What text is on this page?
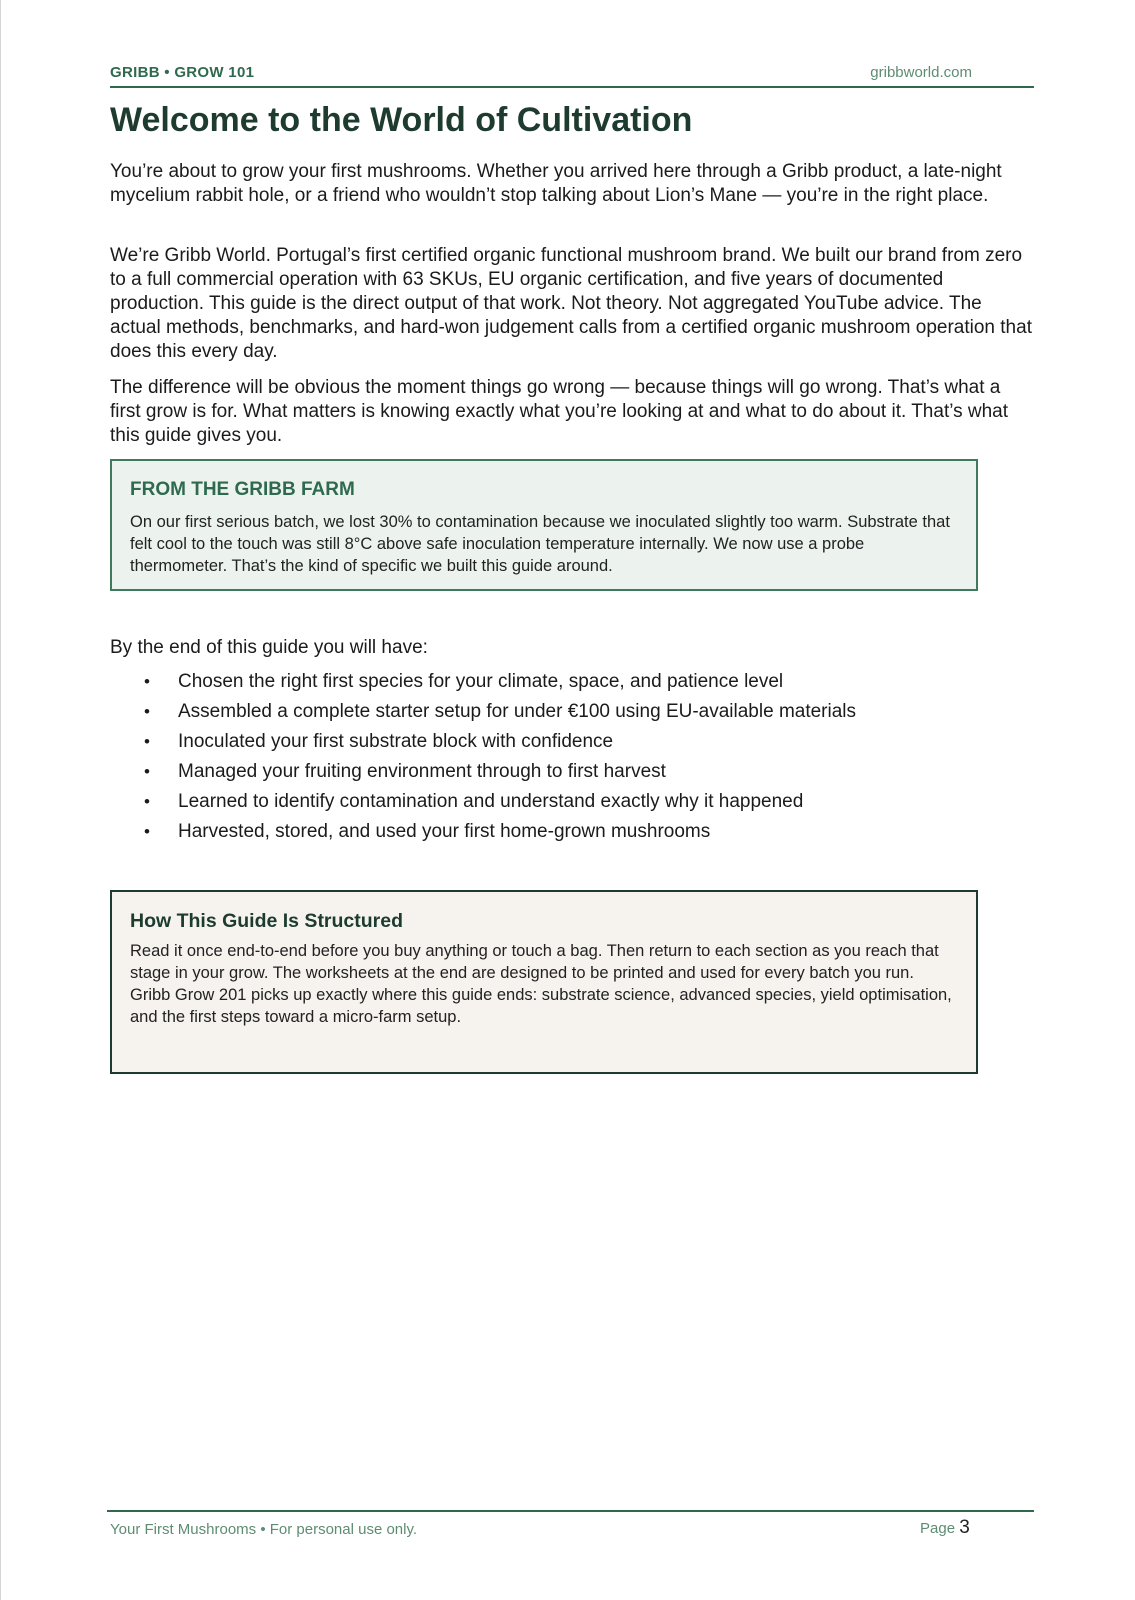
GRIBB • GROW 101	gribbworld.com
Welcome to the World of Cultivation

You’re about to grow your first mushrooms. Whether you arrived here through a Gribb product, a late-night mycelium rabbit hole, or a friend who wouldn’t stop talking about Lion’s Mane — you’re in the right place.

We’re Gribb World. Portugal’s first certified organic functional mushroom brand. We built our brand from zero to a full commercial operation with 63 SKUs, EU organic certification, and five years of documented production. This guide is the direct output of that work. Not theory. Not aggregated YouTube advice. The actual methods, benchmarks, and hard-won judgement calls from a certified organic mushroom operation that does this every day.

The difference will be obvious the moment things go wrong — because things will go wrong. That’s what a first grow is for. What matters is knowing exactly what you’re looking at and what to do about it. That’s what this guide gives you.

FROM THE GRIBB FARM

On our first serious batch, we lost 30% to contamination because we inoculated slightly too warm. Substrate that felt cool to the touch was still 8°C above safe inoculation temperature internally. We now use a probe thermometer. That’s the kind of specific we built this guide around.

By the end of this guide you will have:

• Chosen the right first species for your climate, space, and patience level
• Assembled a complete starter setup for under €100 using EU-available materials
• Inoculated your first substrate block with confidence
• Managed your fruiting environment through to first harvest
• Learned to identify contamination and understand exactly why it happened
• Harvested, stored, and used your first home-grown mushrooms
How This Guide Is Structured

Read it once end-to-end before you buy anything or touch a bag. Then return to each section as you reach that stage in your grow. The worksheets at the end are designed to be printed and used for every batch you run.

Gribb Grow 201 picks up exactly where this guide ends: substrate science, advanced species, yield optimisation, and the first steps toward a micro-farm setup.

Your First Mushrooms • For personal use only.	Page 3
